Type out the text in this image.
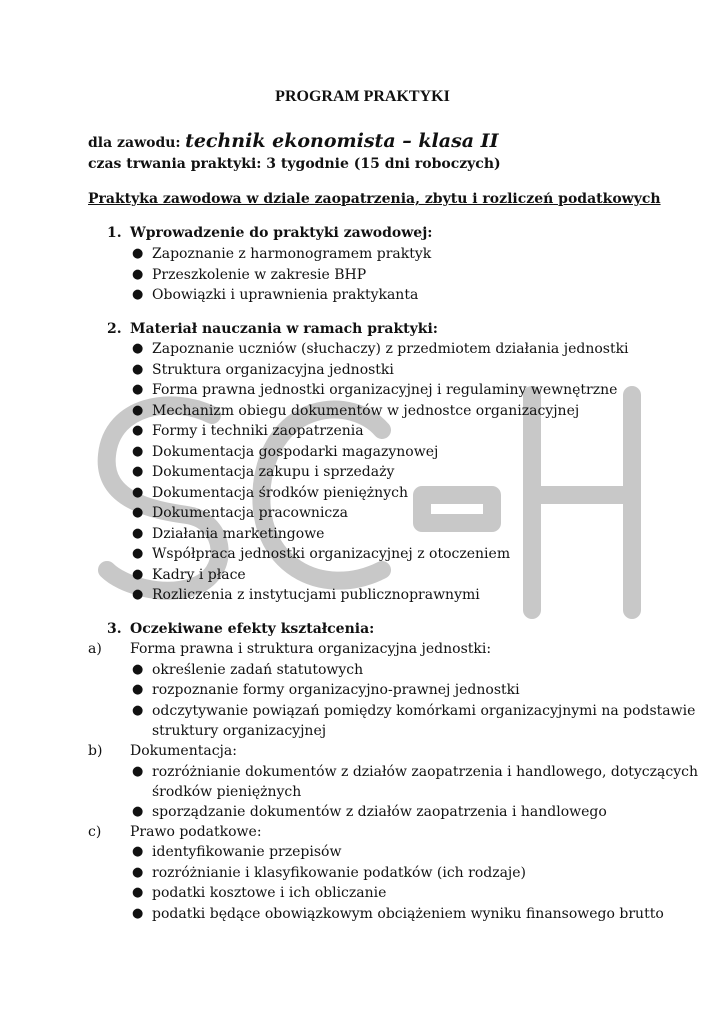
PROGRAM PRAKTYKI
dla zawodu: technik ekonomista – klasa II
czas trwania praktyki: 3 tygodnie (15 dni roboczych)
Praktyka zawodowa w dziale zaopatrzenia, zbytu i rozliczeń podatkowych
1. Wprowadzenie do praktyki zawodowej:
● Zapoznanie z harmonogramem praktyk
● Przeszkolenie w zakresie BHP
● Obowiązki i uprawnienia praktykanta
2. Materiał nauczania w ramach praktyki:
● Zapoznanie uczniów (słuchaczy) z przedmiotem działania jednostki
● Struktura organizacyjna jednostki
● Forma prawna jednostki organizacyjnej i regulaminy wewnętrzne
● Mechanizm obiegu dokumentów w jednostce organizacyjnej
● Formy i techniki zaopatrzenia
● Dokumentacja gospodarki magazynowej
● Dokumentacja zakupu i sprzedaży
● Dokumentacja środków pieniężnych
● Dokumentacja pracownicza
● Działania marketingowe
● Współpraca jednostki organizacyjnej z otoczeniem
● Kadry i płace
● Rozliczenia z instytucjami publicznoprawnymi
3. Oczekiwane efekty kształcenia:
a) Forma prawna i struktura organizacyjna jednostki:
● określenie zadań statutowych
● rozpoznanie formy organizacyjno-prawnej jednostki
● odczytywanie powiązań pomiędzy komórkami organizacyjnymi na podstawie
struktury organizacyjnej
b) Dokumentacja:
● rozróżnianie dokumentów z działów zaopatrzenia i handlowego, dotyczących
środków pieniężnych
● sporządzanie dokumentów z działów zaopatrzenia i handlowego
c) Prawo podatkowe:
● identyfikowanie przepisów
● rozróżnianie i klasyfikowanie podatków (ich rodzaje)
● podatki kosztowe i ich obliczanie
● podatki będące obowiązkowym obciążeniem wyniku finansowego brutto
